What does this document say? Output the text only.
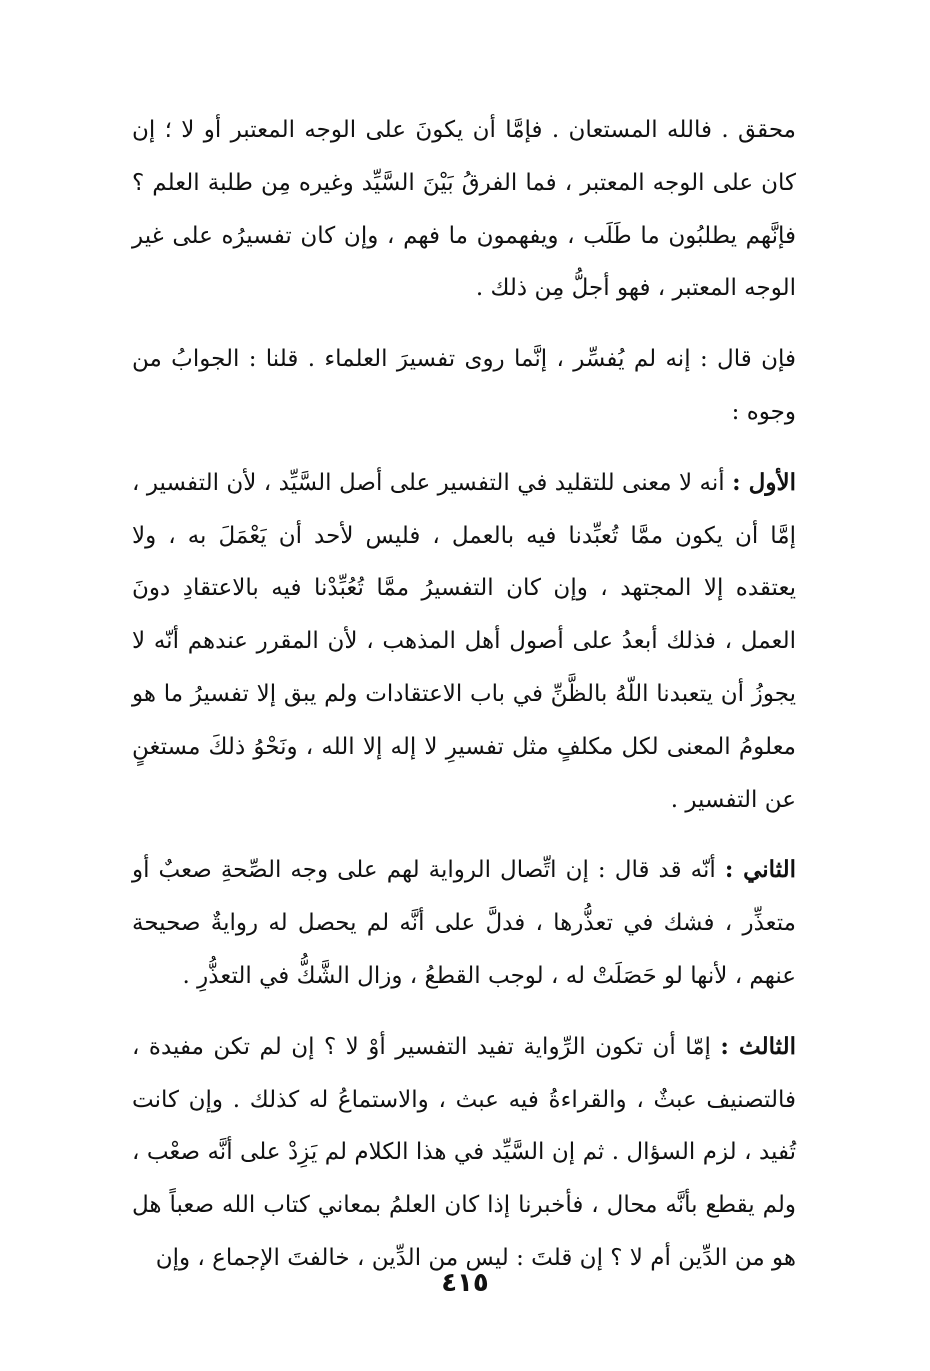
محقق . فالله المستعان . فإمَّا أن يكونَ على الوجه المعتبر أو لا ؛ إن كان على الوجه المعتبر ، فما الفرقُ بَيْنَ السَّيِّد وغيره مِن طلبة العلم ؟ فإنَّهم يطلبُون ما طَلَب ، ويفهمون ما فهم ، وإن كان تفسيرُه على غير الوجه المعتبر ، فهو أجلُّ مِن ذلك .

فإن قال : إنه لم يُفسِّر ، إنَّما روى تفسيرَ العلماء . قلنا : الجوابُ من وجوه :

الأول : أنه لا معنى للتقليد في التفسير على أصل السَّيِّد ، لأن التفسير ، إمَّا أن يكون ممَّا تُعبِّدنا فيه بالعمل ، فليس لأحد أن يَعْمَلَ به ، ولا يعتقده إلا المجتهد ، وإن كان التفسيرُ ممَّا تُعُبِّدْنا فيه بالاعتقادِ دونَ العمل ، فذلك أبعدُ على أصول أهل المذهب ، لأن المقرر عندهم أنّه لا يجوزُ أن يتعبدنا اللّهُ بالظَّنِّ في باب الاعتقادات ولم يبق إلا تفسيرُ ما هو معلومُ المعنى لكل مكلفٍ مثل تفسيرِ لا إله إلا الله ، ونَحْوُ ذلكَ مستغنٍ عن التفسير .

الثاني : أنّه قد قال : إن اتِّصال الرواية لهم على وجه الصِّحةِ صعبٌ أو متعذِّر ، فشك في تعذُّرها ، فدلَّ على أنَّه لم يحصل له روايةٌ صحيحة عنهم ، لأنها لو حَصَلَتْ له ، لوجب القطعُ ، وزال الشَّكُّ في التعذُّرِ .

الثالث : إمّا أن تكون الرِّواية تفيد التفسير أوْ لا ؟ إن لم تكن مفيدة ، فالتصنيف عبثٌ ، والقراءةُ فيه عبث ، والاستماعُ له كذلك . وإن كانت تُفيد ، لزم السؤال . ثم إن السَّيِّد في هذا الكلام لم يَزِدْ على أنَّه صعْب ، ولم يقطع بأنَّه محال ، فأخبرنا إذا كان العلمُ بمعاني كتاب الله صعباً هل هو من الدِّين أم لا ؟ إن قلتَ : ليس من الدِّين ، خالفتَ الإجماع ، وإن

٤١٥
